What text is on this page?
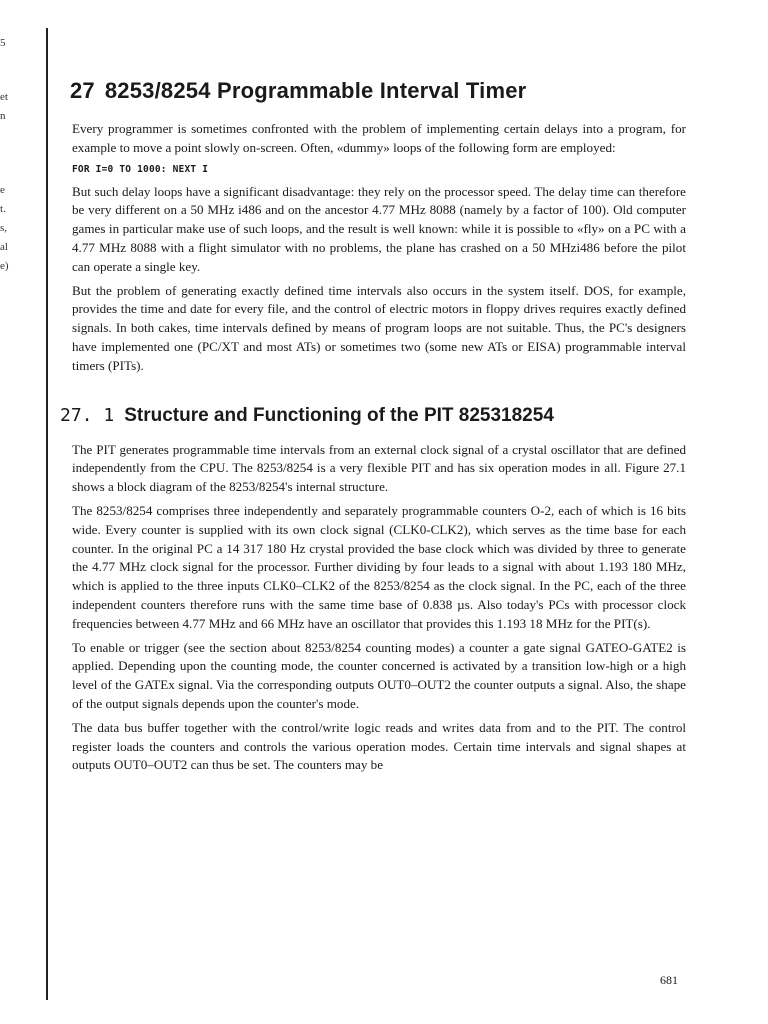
5
et
n
e
t.
s,
al
e)
27 8253/8254 Programmable Interval Timer

Every programmer is sometimes confronted with the problem of implementing certain delays into a program, for example to move a point slowly on-screen. Often, «dummy» loops of the following form are employed:

FOR I=0 TO 1000: NEXT I

But such delay loops have a significant disadvantage: they rely on the processor speed. The delay time can therefore be very different on a 50 MHz i486 and on the ancestor 4.77 MHz 8088 (namely by a factor of 100). Old computer games in particular make use of such loops, and the result is well known: while it is possible to «fly» on a PC with a 4.77 MHz 8088 with a flight simulator with no problems, the plane has crashed on a 50 MHzi486 before the pilot can operate a single key.

But the problem of generating exactly defined time intervals also occurs in the system itself. DOS, for example, provides the time and date for every file, and the control of electric motors in floppy drives requires exactly defined signals. In both cakes, time intervals defined by means of program loops are not suitable. Thus, the PC's designers have implemented one (PC/XT and most ATs) or sometimes two (some new ATs or EISA) programmable interval timers (PITs).

27. 1 Structure and Functioning of the PIT 825318254

The PIT generates programmable time intervals from an external clock signal of a crystal oscillator that are defined independently from the CPU. The 8253/8254 is a very flexible PIT and has six operation modes in all. Figure 27.1 shows a block diagram of the 8253/8254's internal structure.

The 8253/8254 comprises three independently and separately programmable counters O-2, each of which is 16 bits wide. Every counter is supplied with its own clock signal (CLK0-CLK2), which serves as the time base for each counter. In the original PC a 14 317 180 Hz crystal provided the base clock which was divided by three to generate the 4.77 MHz clock signal for the processor. Further dividing by four leads to a signal with about 1.193 180 MHz, which is applied to the three inputs CLK0–CLK2 of the 8253/8254 as the clock signal. In the PC, each of the three independent counters therefore runs with the same time base of 0.838 µs. Also today's PCs with processor clock frequencies between 4.77 MHz and 66 MHz have an oscillator that provides this 1.193 18 MHz for the PIT(s).

To enable or trigger (see the section about 8253/8254 counting modes) a counter a gate signal GATEO-GATE2 is applied. Depending upon the counting mode, the counter concerned is activated by a transition low-high or a high level of the GATEx signal. Via the corresponding outputs OUT0–OUT2 the counter outputs a signal. Also, the shape of the output signals depends upon the counter's mode.

The data bus buffer together with the control/write logic reads and writes data from and to the PIT. The control register loads the counters and controls the various operation modes. Certain time intervals and signal shapes at outputs OUT0–OUT2 can thus be set. The counters may be

681
